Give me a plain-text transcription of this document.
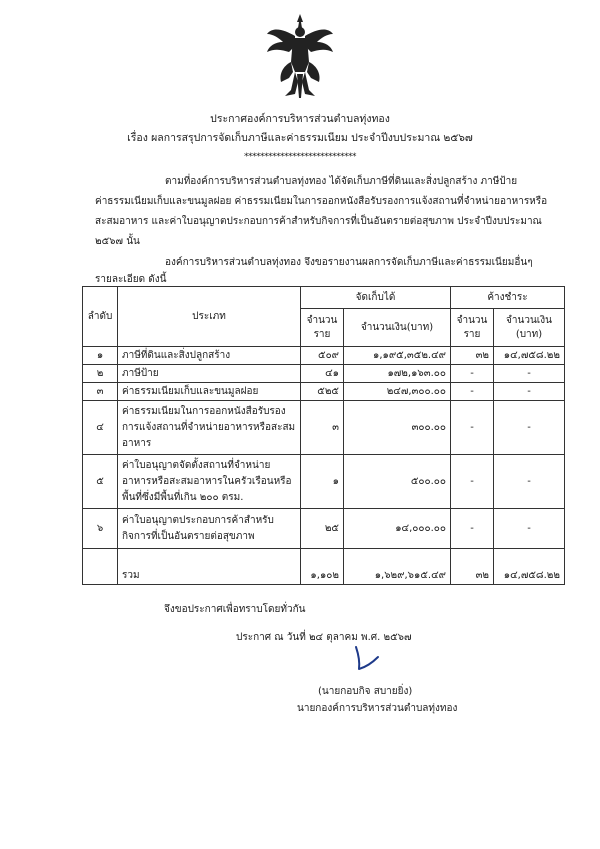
ประกาศองค์การบริหารส่วนตำบลทุ่งทอง
เรื่อง ผลการสรุปการจัดเก็บภาษีและค่าธรรมเนียม ประจำปีงบประมาณ ๒๕๖๗
****************************
ตามที่องค์การบริหารส่วนตำบลทุ่งทอง ได้จัดเก็บภาษีที่ดินและสิ่งปลูกสร้าง ภาษีป้าย
ค่าธรรมเนียมเก็บและขนมูลฝอย ค่าธรรมเนียมในการออกหนังสือรับรองการแจ้งสถานที่จำหน่ายอาหารหรือ
สะสมอาหาร และค่าใบอนุญาตประกอบการค้าสำหรับกิจการที่เป็นอันตรายต่อสุขภาพ ประจำปีงบประมาณ
๒๕๖๗ นั้น
องค์การบริหารส่วนตำบลทุ่งทอง จึงขอรายงานผลการจัดเก็บภาษีและค่าธรรมเนียมอื่นๆ
รายละเอียด ดังนี้
ลำดับ	ประเภท	จัดเก็บได้		ค้างชำระ	
		จำนวนราย	จำนวนเงิน(บาท)	จำนวนราย	จำนวนเงิน (บาท)
๑	ภาษีที่ดินและสิ่งปลูกสร้าง	๕๐๙	๑,๑๙๕,๓๕๒.๔๙	๓๒	๑๔,๗๕๘.๒๒
๒	ภาษีป้าย	๔๑	๑๗๒,๑๖๓.๐๐	-	-
๓	ค่าธรรมเนียมเก็บและขนมูลฝอย	๕๒๕	๒๔๗,๓๐๐.๐๐	-	-
๔	ค่าธรรมเนียมในการออกหนังสือรับรองการแจ้งสถานที่จำหน่ายอาหารหรือสะสมอาหาร	๓	๓๐๐.๐๐	-	-
๕	ค่าใบอนุญาตจัดตั้งสถานที่จำหน่ายอาหารหรือสะสมอาหารในครัวเรือนหรือพื้นที่ซึ่งมีพื้นที่เกิน ๒๐๐ ตรม.	๑	๕๐๐.๐๐	-	-
๖	ค่าใบอนุญาตประกอบการค้าสำหรับกิจการที่เป็นอันตรายต่อสุขภาพ	๒๕	๑๔,๐๐๐.๐๐	-	-
	รวม	๑,๑๐๒	๑,๖๒๙,๖๑๕.๔๙	๓๒	๑๔,๗๕๘.๒๒
จึงขอประกาศเพื่อทราบโดยทั่วกัน
ประกาศ ณ วันที่ ๒๔ ตุลาคม พ.ศ. ๒๕๖๗
(นายกอบกิจ สบายยิ่ง)
นายกองค์การบริหารส่วนตำบลทุ่งทอง
